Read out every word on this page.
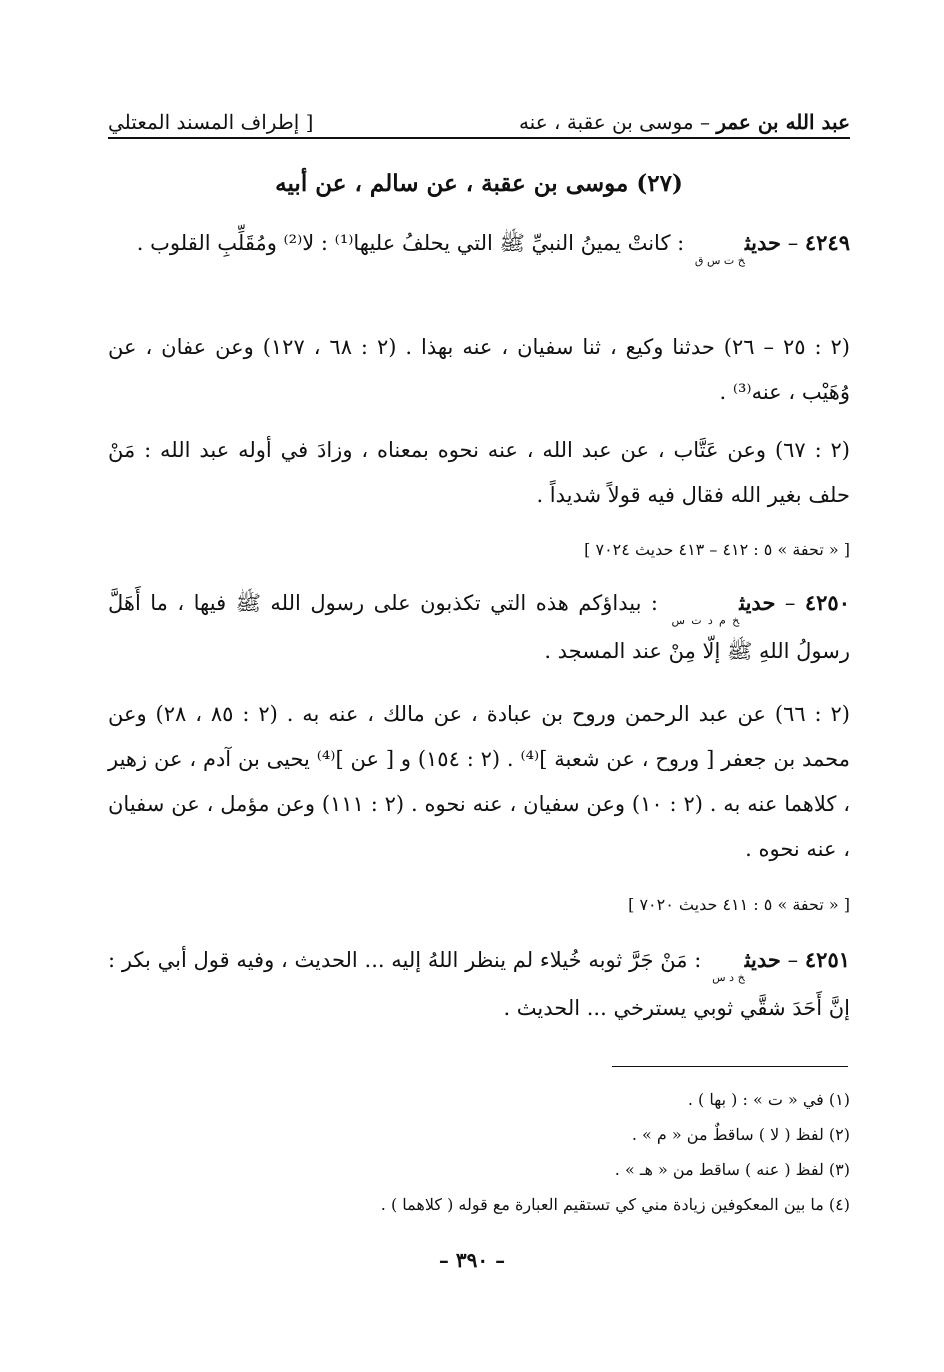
عبد الله بن عمر – موسى بن عقبة ، عنه
[ إطراف المسند المعتلي
(٢٧) موسى بن عقبة ، عن سالم ، عن أبيه
٤٢٤٩ – حديث$_{خ ت س ق}$ : كانتْ يمينُ النبيِّ ﷺ التي يحلفُ عليها⁽¹⁾ : لا⁽²⁾ ومُقَلِّبِ القلوب .
(٢ : ٢٥ – ٢٦) حدثنا وكيع ، ثنا سفيان ، عنه بهذا . (٢ : ٦٨ ، ١٢٧) وعن عفان ، عن وُهَيْب ، عنه⁽³⁾ .
(٢ : ٦٧) وعن عَتَّاب ، عن عبد الله ، عنه نحوه بمعناه ، وزادَ في أوله عبد الله : مَنْ حلف بغير الله فقال فيه قولاً شديداً .
[ « تحفة » ٥ : ٤١٢ – ٤١٣ حديث ٧٠٢٤ ]
٤٢٥٠ – حديث$_{خ م د ت س}$ : بيداؤكم هذه التي تكذبون على رسول الله ﷺ فيها ، ما أَهَلَّ رسولُ اللهِ ﷺ إلّا مِنْ عند المسجد .
(٢ : ٦٦) عن عبد الرحمن وروح بن عبادة ، عن مالك ، عنه به . (٢ : ٨٥ ، ٢٨) وعن محمد بن جعفر [ وروح ، عن شعبة ]⁽⁴⁾ . (٢ : ١٥٤) و [ عن ]⁽⁴⁾ يحيى بن آدم ، عن زهير ، كلاهما عنه به . (٢ : ١٠) وعن سفيان ، عنه نحوه . (٢ : ١١١) وعن مؤمل ، عن سفيان ، عنه نحوه .
[ « تحفة » ٥ : ٤١١ حديث ٧٠٢٠ ]
٤٢٥١ – حديث$_{خ د س}$ : مَنْ جَرَّ ثوبه خُيلاء لم ينظر اللهُ إليه ... الحديث ، وفيه قول أبي بكر : إنَّ أَحَدَ شقَّي ثوبي يسترخي ... الحديث .
(١) في « ت » : ( بها ) .
(٢) لفظ ( لا ) ساقطٌ من « م » .
(٣) لفظ ( عنه ) ساقط من « هـ » .
(٤) ما بين المعكوفين زيادة مني كي تستقيم العبارة مع قوله ( كلاهما ) .
– ٣٩٠ –
